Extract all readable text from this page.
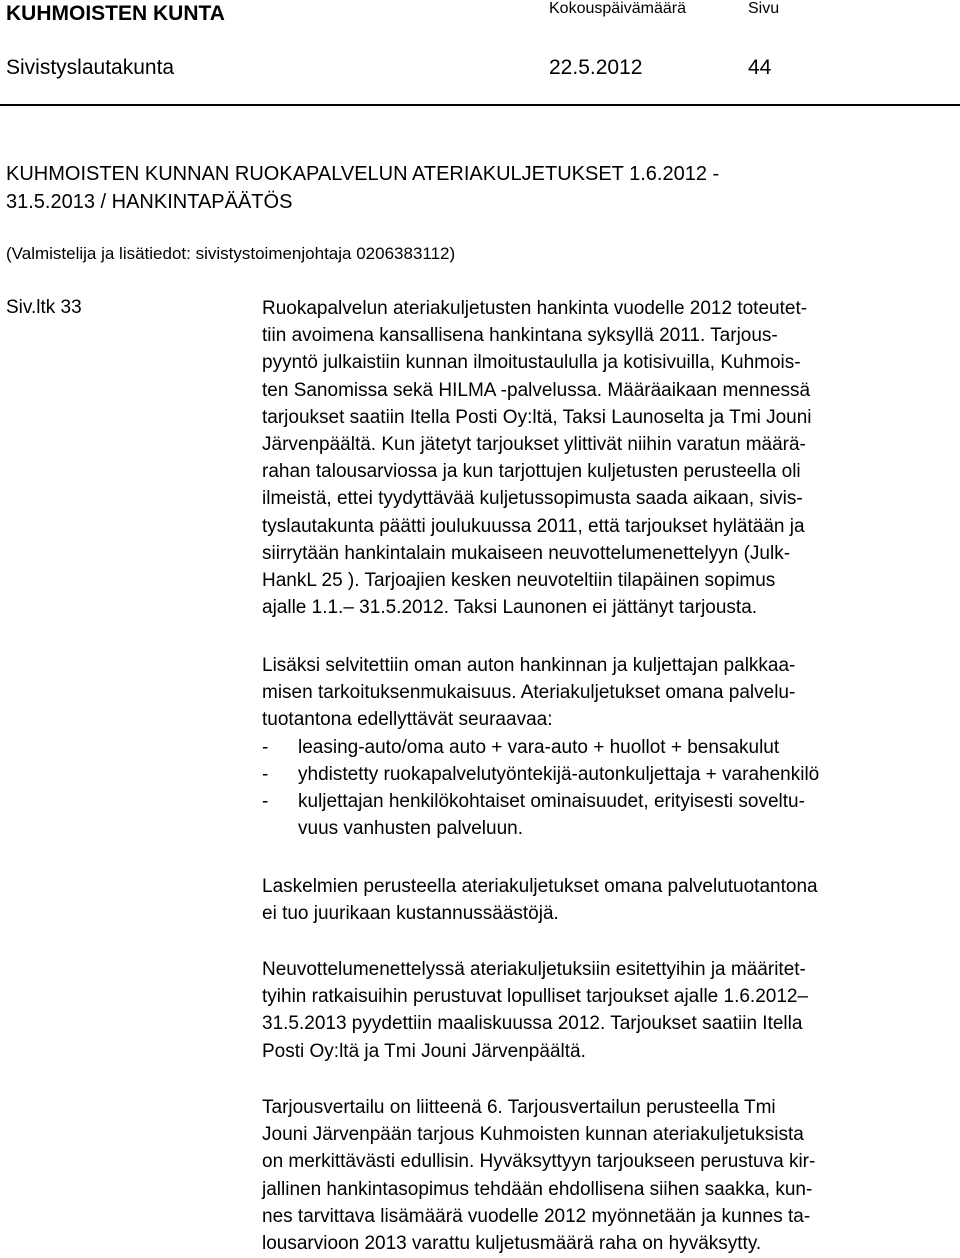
KUHMOISTEN KUNTA	Kokouspäivämäärä	Sivu
Sivistyslautakunta	22.5.2012	44
KUHMOISTEN KUNNAN RUOKAPALVELUN ATERIAKULJETUKSET 1.6.2012 -
31.5.2013 / HANKINTAPÄÄTÖS
(Valmistelija ja lisätiedot: sivistystoimenjohtaja 0206383112)
Siv.ltk 33	Ruokapalvelun ateriakuljetusten hankinta vuodelle 2012 toteutet-
tiin avoimena kansallisena hankintana syksyllä 2011. Tarjous-
pyyntö julkaistiin kunnan ilmoitustaululla ja kotisivuilla, Kuhmois-
ten Sanomissa sekä HILMA -palvelussa. Määräaikaan mennessä
tarjoukset saatiin Itella Posti Oy:ltä, Taksi Launoselta ja Tmi Jouni
Järvenpäältä. Kun jätetyt tarjoukset ylittivät niihin varatun määrä-
rahan talousarviossa ja kun tarjottujen kuljetusten perusteella oli
ilmeistä, ettei tyydyttävää kuljetussopimusta saada aikaan, sivis-
tyslautakunta päätti joulukuussa 2011, että tarjoukset hylätään ja
siirrytään hankintalain mukaiseen neuvottelumenettelyyn (Julk-
HankL 25 ). Tarjoajien kesken neuvoteltiin tilapäinen sopimus
ajalle 1.1.– 31.5.2012. Taksi Launonen ei jättänyt tarjousta.
Lisäksi selvitettiin oman auton hankinnan ja kuljettajan palkkaa-
misen tarkoituksenmukaisuus. Ateriakuljetukset omana palvelu-
tuotantona edellyttävät seuraavaa:
- leasing-auto/oma auto + vara-auto + huollot + bensakulut
- yhdistetty ruokapalvelutyöntekijä-autonkuljettaja + varahenkilö
- kuljettajan henkilökohtaiset ominaisuudet, erityisesti soveltu-
vuus vanhusten palveluun.
Laskelmien perusteella ateriakuljetukset omana palvelutuotantona
ei tuo juurikaan kustannussäästöjä.
Neuvottelumenettelyssä ateriakuljetuksiin esitettyihin ja määritet-
tyihin ratkaisuihin perustuvat lopulliset tarjoukset ajalle 1.6.2012–
31.5.2013 pyydettiin maaliskuussa 2012. Tarjoukset saatiin Itella
Posti Oy:ltä ja Tmi Jouni Järvenpäältä.
Tarjousvertailu on liitteenä 6. Tarjousvertailun perusteella Tmi
Jouni Järvenpään tarjous Kuhmoisten kunnan ateriakuljetuksista
on merkittävästi edullisin. Hyväksyttyyn tarjoukseen perustuva kir-
jallinen hankintasopimus tehdään ehdollisena siihen saakka, kun-
nes tarvittava lisämäärä vuodelle 2012 myönnetään ja kunnes ta-
lousarvioon 2013 varattu kuljetusmäärä raha on hyväksytty.
